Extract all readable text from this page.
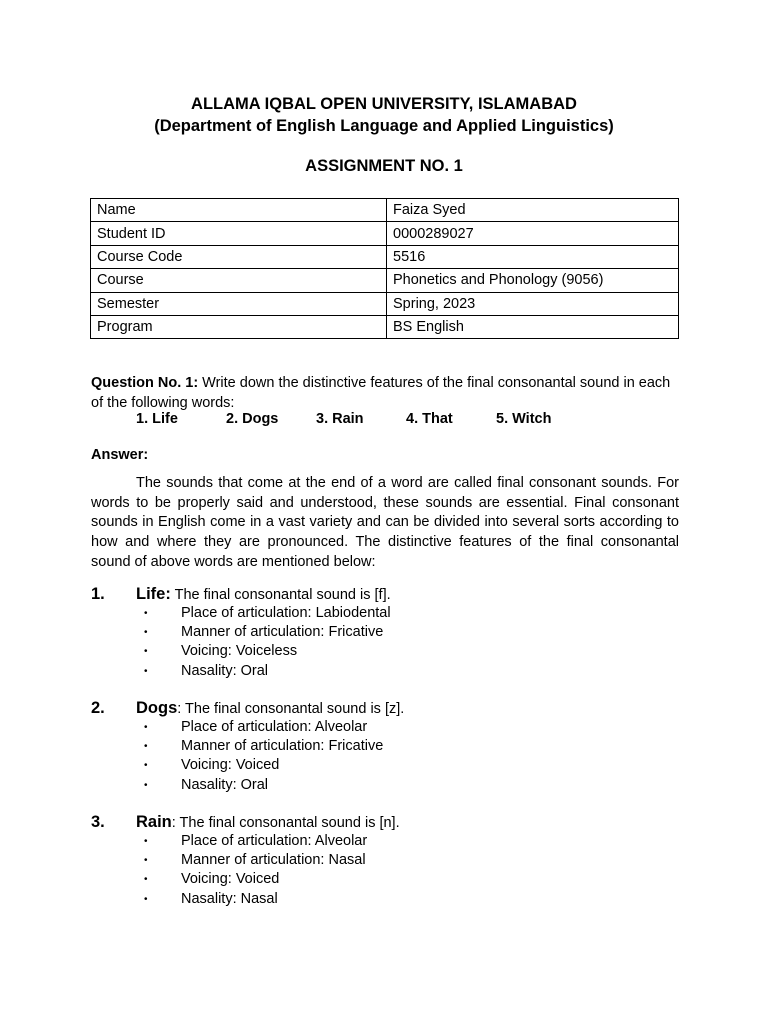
ALLAMA IQBAL OPEN UNIVERSITY, ISLAMABAD
(Department of English Language and Applied Linguistics)
ASSIGNMENT NO. 1
Name	Faiza Syed
Student ID	0000289027
Course Code	5516
Course	Phonetics and Phonology (9056)
Semester	Spring, 2023
Program	BS English
Question No. 1: Write down the distinctive features of the final consonantal sound in each of the following words:
1. Life	2. Dogs	3. Rain	4. That	5. Witch
Answer:
The sounds that come at the end of a word are called final consonant sounds. For words to be properly said and understood, these sounds are essential. Final consonant sounds in English come in a vast variety and can be divided into several sorts according to how and where they are pronounced. The distinctive features of the final consonantal sound of above words are mentioned below:
1. Life: The final consonantal sound is [f].
• Place of articulation: Labiodental
• Manner of articulation: Fricative
• Voicing: Voiceless
• Nasality: Oral
2. Dogs: The final consonantal sound is [z].
• Place of articulation: Alveolar
• Manner of articulation: Fricative
• Voicing: Voiced
• Nasality: Oral
3. Rain: The final consonantal sound is [n].
• Place of articulation: Alveolar
• Manner of articulation: Nasal
• Voicing: Voiced
• Nasality: Nasal
